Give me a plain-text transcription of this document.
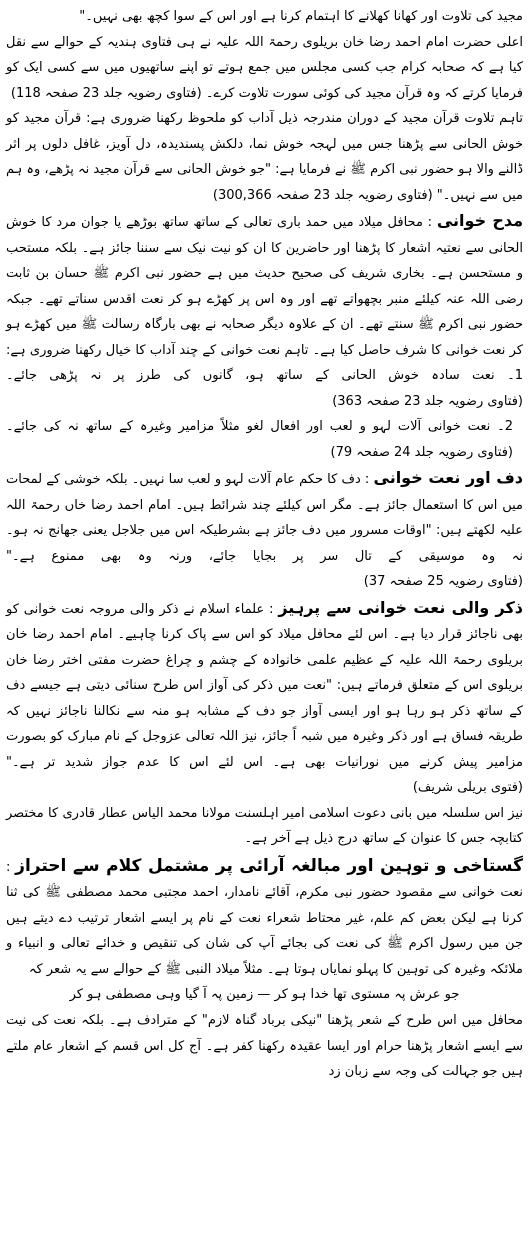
مجید کی تلاوت اور کھانا کھلانے کا اہتمام کرنا ہے اور اس کے سوا کچھ بھی نہیں۔"

اعلی حضرت امام احمد رضا خان بریلوی رحمۃ اللہ علیہ نے ہی فتاوی ہندیہ کے حوالے سے نقل کیا ہے کہ صحابہ کرام جب کسی مجلس میں جمع ہوتے تو اپنے ساتھیوں میں سے کسی ایک کو فرمایا کرتے کہ وہ قرآن مجید کی کوئی سورت تلاوت کرے۔ (فتاوی رضویہ جلد 23 صفحہ 118)

تاہم تلاوت قرآن مجید کے دوران مندرجہ ذیل آداب کو ملحوظ رکھنا ضروری ہے: قرآن مجید کو خوش الحانی سے پڑھنا جس میں لہجہ خوش نما، دلکش پسندیدہ، دل آویز، غافل دلوں پر اثر ڈالنے والا ہو حضور نبی اکرم ﷺ نے فرمایا ہے: "جو خوش الحانی سے قرآن مجید نہ پڑھے، وہ ہم میں سے نہیں۔" (فتاوی رضویہ جلد 23 صفحہ 300,366)

مدح خوانی : محافل میلاد میں حمد باری تعالی کے ساتھ ساتھ بوڑھے یا جوان مرد کا خوش الحانی سے نعتیہ اشعار کا پڑھنا اور حاضرین کا ان کو نیت نیک سے سننا جائز ہے۔ بلکہ مستحب و مستحسن ہے۔ بخاری شریف کی صحیح حدیث میں ہے حضور نبی اکرم ﷺ حسان بن ثابت رضی اللہ عنہ کیلئے منبر بچھواتے تھے اور وہ اس پر کھڑے ہو کر نعت اقدس سناتے تھے۔ جبکہ حضور نبی اکرم ﷺ سنتے تھے۔ ان کے علاوہ دیگر صحابہ نے بھی بارگاہ رسالت ﷺ میں کھڑے ہو کر نعت خوانی کا شرف حاصل کیا ہے۔ تاہم نعت خوانی کے چند آداب کا خیال رکھنا ضروری ہے: 1۔ نعت سادہ خوش الحانی کے ساتھ ہو، گانوں کی طرز پر نہ پڑھی جائے۔ (فتاوی رضویہ جلد 23 صفحہ 363)

2۔ نعت خوانی آلات لہو و لعب اور افعال لغو مثلاً مزامیر وغیرہ کے ساتھ نہ کی جائے۔ (فتاوی رضویہ جلد 24 صفحہ 79)

دف اور نعت خوانی : دف کا حکم عام آلات لہو و لعب سا نہیں۔ بلکہ خوشی کے لمحات میں اس کا استعمال جائز ہے۔ مگر اس کیلئے چند شرائط ہیں۔ امام احمد رضا خاں رحمۃ اللہ علیہ لکھتے ہیں: "اوقات مسرور میں دف جائز ہے بشرطیکہ اس میں جلاجل یعنی جھانج نہ ہو۔ نہ وہ موسیقی کے تال سر پر بجایا جائے، ورنہ وہ بھی ممنوع ہے۔" (فتاوی رضویہ 25 صفحہ 37)

ذکر والی نعت خوانی سے پرہیز : علماء اسلام نے ذکر والی مروجہ نعت خوانی کو بھی ناجائز قرار دیا ہے۔ اس لئے محافل میلاد کو اس سے پاک کرنا چاہیے۔ امام احمد رضا خان بریلوی رحمۃ اللہ علیہ کے عظیم علمی خانوادہ کے چشم و چراغ حضرت مفتی اختر رضا خان بریلوی اس کے متعلق فرماتے ہیں: "نعت میں ذکر کی آواز اس طرح سنائی دیتی ہے جیسے دف کے ساتھ ذکر ہو رہا ہو اور ایسی آواز جو دف کے مشابہ ہو منہ سے نکالنا ناجائز نہیں کہ طریقہ فساق ہے اور ذکر وغیرہ میں شبہ اً جائز، نیز اللہ تعالی عزوجل کے نام مبارک کو بصورت مزامیر پیش کرنے میں نورانیات بھی ہے۔ اس لئے اس کا عدم جواز شدید تر ہے۔" (فتوی بریلی شریف)

نیز اس سلسلہ میں بانی دعوت اسلامی امیر اہلسنت مولانا محمد الیاس عطار قادری کا مختصر کتابچہ جس کا عنوان کے ساتھ درج ذیل ہے آخر ہے۔

گستاخی و توہین اور مبالغہ آرائی پر مشتمل کلام سے احتراز : نعت خوانی سے مقصود حضور نبی مکرم، آقائے نامدار، احمد مجتبی محمد مصطفی ﷺ کی ثنا کرنا ہے لیکن بعض کم علم، غیر محتاط شعراء نعت کے نام پر ایسے اشعار ترتیب دے دیتے ہیں جن میں رسول اکرم ﷺ کی نعت کی بجائے آپ کی شان کی تنقیص و خدائے تعالی و انبیاء و ملائکہ وغیرہ کی توہین کا پہلو نمایاں ہوتا ہے۔ مثلاً میلاد النبی ﷺ کے حوالے سے یہ شعر کہ

جو عرش پہ مستوی تھا خدا ہو کر — زمین پہ آ گیا وہی مصطفی ہو کر

محافل میں اس طرح کے شعر پڑھنا "نیکی برباد گناہ لازم" کے مترادف ہے۔ بلکہ نعت کی نیت سے ایسے اشعار پڑھنا حرام اور ایسا عقیدہ رکھنا کفر ہے۔ آج کل اس قسم کے اشعار عام ملتے ہیں جو جہالت کی وجہ سے زبان زد
